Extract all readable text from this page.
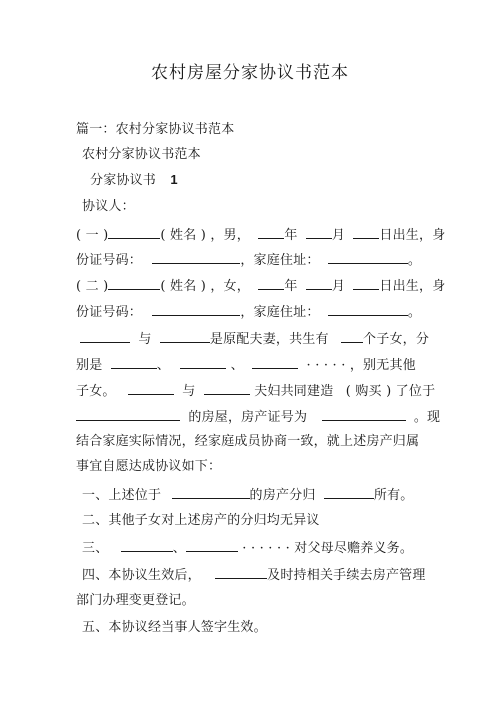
农村房屋分家协议书范本
篇一：农村分家协议书范本
农村分家协议书范本
分家协议书 1
协议人：
( 一 )	( 姓名 ) ，男，	年	月	日出生，身
份证号码：	，家庭住址：	。
( 二 )	( 姓名 ) ，女，	年	月	日出生，身
份证号码：	，家庭住址：	。
与	是原配夫妻，共生有	个子女，分
别是	、	、	· · · · · ，别无其他
子女。	与	夫妇共同建造 ( 购买 ) 了位于
的房屋，房产证号为	。现
结合家庭实际情况，经家庭成员协商一致，就上述房产归属
事宜自愿达成协议如下：
一、上述位于	的房产分归	所有。
二、其他子女对上述房产的分归均无异议
三、	、	· · · · · · 对父母尽赡养义务。
四、本协议生效后，	及时持相关手续去房产管理
部门办理变更登记。
五、本协议经当事人签字生效。
